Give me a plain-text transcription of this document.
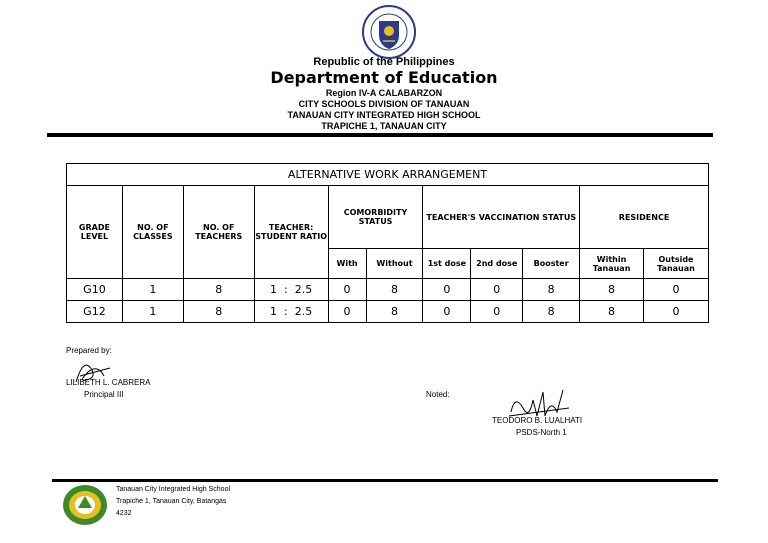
Republic of the Philippines
Department of Education
Region IV-A CALABARZON
CITY SCHOOLS DIVISION OF TANAUAN
TANAUAN CITY INTEGRATED HIGH SCHOOL
TRAPICHE 1, TANAUAN CITY
ALTERNATIVE WORK ARRANGEMENT										
GRADE LEVEL	NO. OF CLASSES	NO. OF TEACHERS	TEACHER: STUDENT RATIO	COMORBIDITY STATUS		TEACHER'S VACCINATION STATUS			RESIDENCE	
				With	Without	1st dose	2nd dose	Booster	Within Tanauan	Outside Tanauan
G10	1	8	1  :  2.5	0	8	0	0	8	8	0
G12	1	8	1  :  2.5	0	8	0	0	8	8	0
Prepared by:
LILIBETH L. CABRERA
Principal III	Noted:
TEODORO B. LUALHATI
PSDS-North 1
Tanauan City Integrated High School
Trapiche 1, Tanauan City, Batangas
4232
